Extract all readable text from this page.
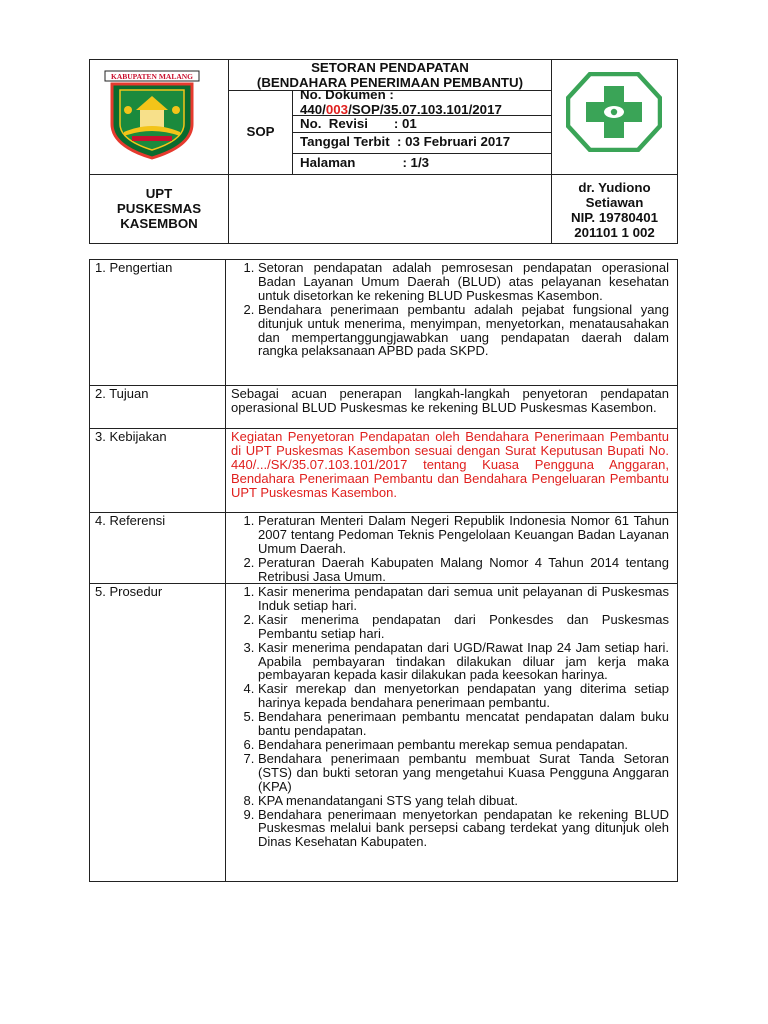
KABUPATEN MALANG
SETORAN PENDAPATAN
(BENDAHARA PENERIMAAN PEMBANTU)
SOP
No. Dokumen :
440/003/SOP/35.07.103.101/2017
No.  Revisi       : 01
Tanggal Terbit  : 03 Februari 2017
Halaman	: 1/3
UPT
PUSKESMAS
KASEMBON
dr. Yudiono
Setiawan
NIP. 19780401
201101 1 002
1. Pengertian	1. Setoran pendapatan adalah pemrosesan pendapatan operasional Badan Layanan Umum Daerah (BLUD) atas pelayanan kesehatan untuk disetorkan ke rekening BLUD Puskesmas Kasembon.
2. Bendahara penerimaan pembantu adalah pejabat fungsional yang ditunjuk untuk menerima, menyimpan, menyetorkan, menatausahakan dan mempertanggungjawabkan uang pendapatan daerah dalam rangka pelaksanaan APBD pada SKPD.
2. Tujuan	Sebagai acuan penerapan langkah-langkah penyetoran pendapatan operasional BLUD Puskesmas ke rekening BLUD Puskesmas Kasembon.
3. Kebijakan	Kegiatan Penyetoran Pendapatan oleh Bendahara Penerimaan Pembantu di UPT Puskesmas Kasembon sesuai dengan Surat Keputusan Bupati No. 440/.../SK/35.07.103.101/2017 tentang Kuasa Pengguna Anggaran, Bendahara Penerimaan Pembantu dan Bendahara Pengeluaran Pembantu UPT Puskesmas Kasembon.
4. Referensi	1. Peraturan Menteri Dalam Negeri Republik Indonesia Nomor 61 Tahun 2007 tentang Pedoman Teknis Pengelolaan Keuangan Badan Layanan Umum Daerah.
2. Peraturan Daerah Kabupaten Malang Nomor 4 Tahun 2014 tentang Retribusi Jasa Umum.
5. Prosedur	1. Kasir menerima pendapatan dari semua unit pelayanan di Puskesmas Induk setiap hari.
2. Kasir menerima pendapatan dari Ponkesdes dan Puskesmas Pembantu setiap hari.
3. Kasir menerima pendapatan dari UGD/Rawat Inap 24 Jam setiap hari. Apabila pembayaran tindakan dilakukan diluar jam kerja maka pembayaran kepada kasir dilakukan pada keesokan harinya.
4. Kasir merekap dan menyetorkan pendapatan yang diterima setiap harinya kepada bendahara penerimaan pembantu.
5. Bendahara penerimaan pembantu mencatat pendapatan dalam buku bantu pendapatan.
6. Bendahara penerimaan pembantu merekap semua pendapatan.
7. Bendahara penerimaan pembantu membuat Surat Tanda Setoran (STS) dan bukti setoran yang mengetahui Kuasa Pengguna Anggaran (KPA)
8. KPA menandatangani STS yang telah dibuat.
9. Bendahara penerimaan menyetorkan pendapatan ke rekening BLUD Puskesmas melalui bank persepsi cabang terdekat yang ditunjuk oleh Dinas Kesehatan Kabupaten.
